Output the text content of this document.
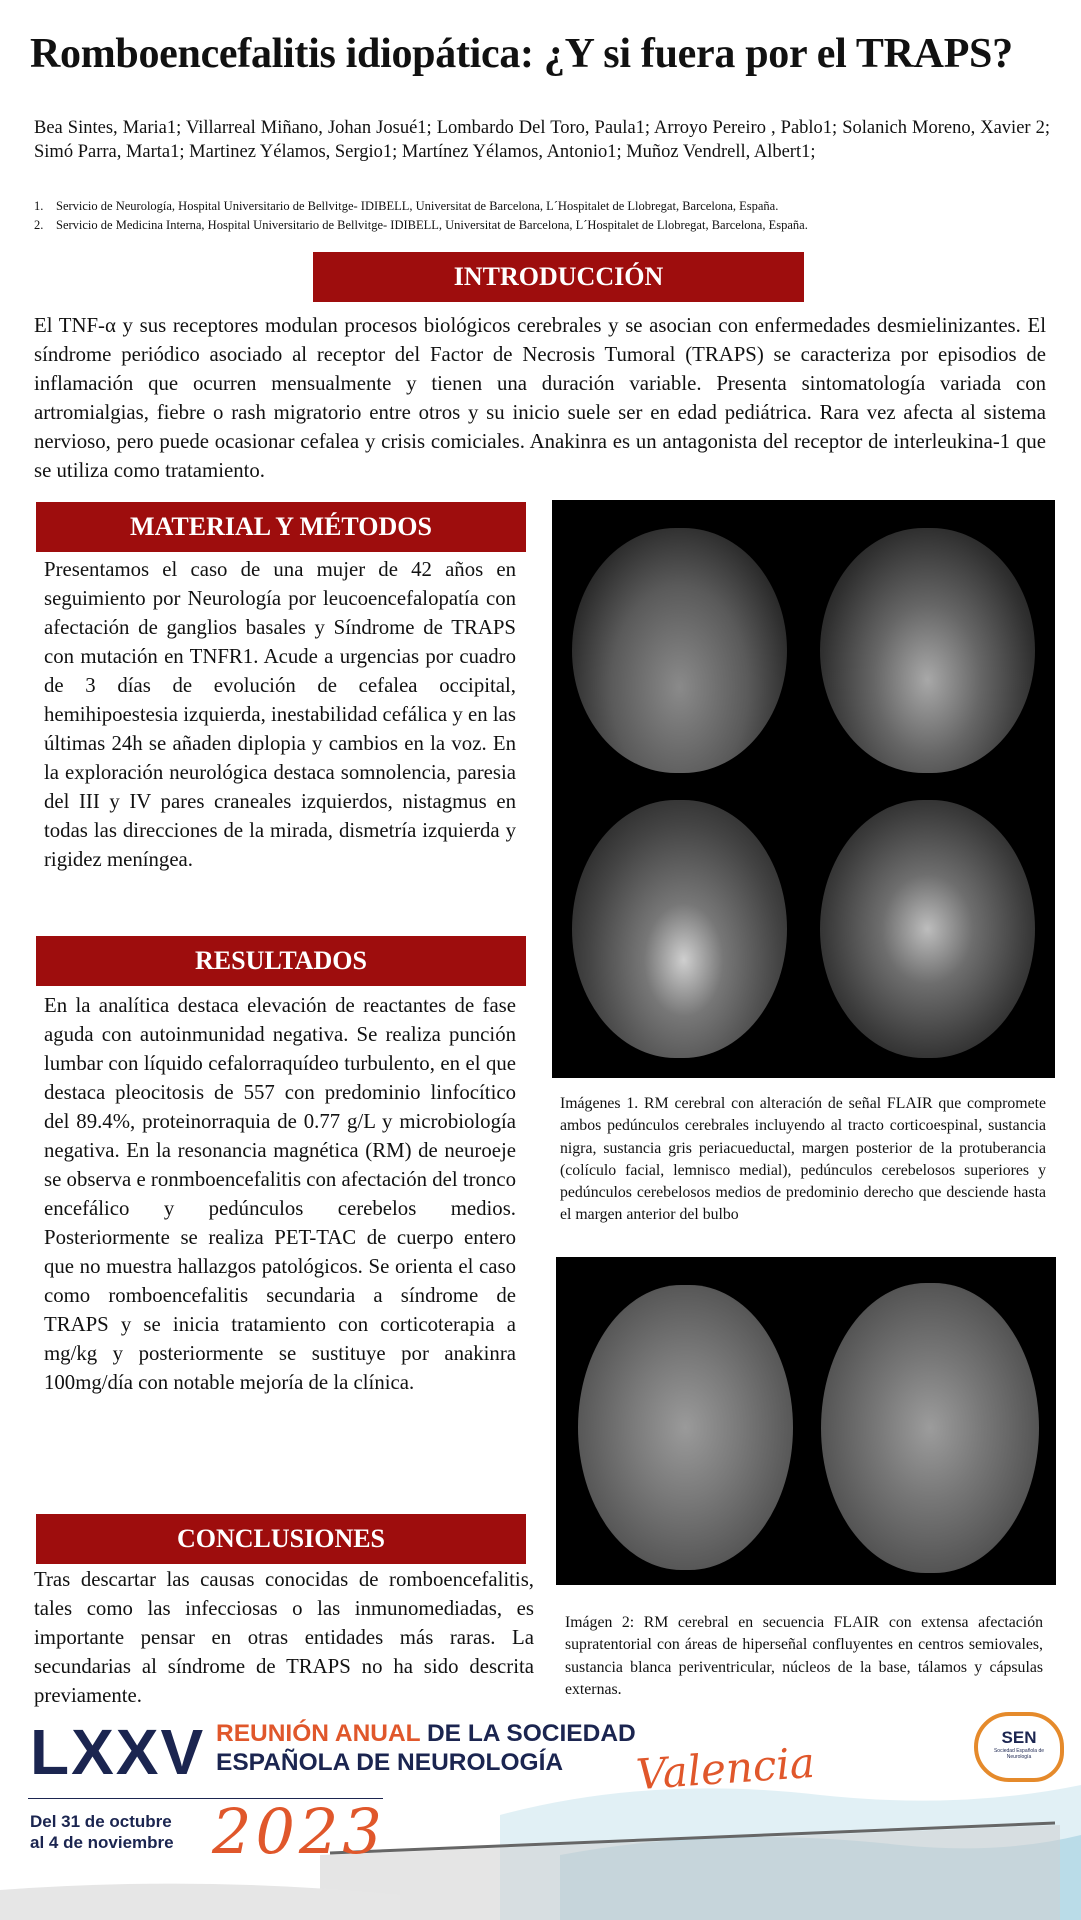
Romboencefalitis idiopática: ¿Y si fuera por el TRAPS?
Bea Sintes, Maria1; Villarreal Miñano, Johan Josué1; Lombardo Del Toro, Paula1; Arroyo Pereiro , Pablo1; Solanich Moreno, Xavier 2; Simó Parra, Marta1; Martinez Yélamos, Sergio1; Martínez Yélamos, Antonio1; Muñoz Vendrell, Albert1;
1. Servicio de Neurología, Hospital Universitario de Bellvitge- IDIBELL, Universitat de Barcelona, L´Hospitalet de Llobregat, Barcelona, España.
2. Servicio de Medicina Interna, Hospital Universitario de Bellvitge- IDIBELL, Universitat de Barcelona, L´Hospitalet de Llobregat, Barcelona, España.
INTRODUCCIÓN
El TNF-α y sus receptores modulan procesos biológicos cerebrales y se asocian con enfermedades desmielinizantes. El síndrome periódico asociado al receptor del Factor de Necrosis Tumoral (TRAPS) se caracteriza por episodios de inflamación que ocurren mensualmente y tienen una duración variable. Presenta sintomatología variada con artromialgias, fiebre o rash migratorio entre otros y su inicio suele ser en edad pediátrica. Rara vez afecta al sistema nervioso, pero puede ocasionar cefalea y crisis comiciales. Anakinra es un antagonista del receptor de interleukina-1 que se utiliza como tratamiento.
MATERIAL Y MÉTODOS
Presentamos el caso de una mujer de 42 años en seguimiento por Neurología por leucoencefalopatía con afectación de ganglios basales y Síndrome de TRAPS con mutación en TNFR1. Acude a urgencias por cuadro de 3 días de evolución de cefalea occipital, hemihipoestesia izquierda, inestabilidad cefálica y en las últimas 24h se añaden diplopia y cambios en la voz. En la exploración neurológica destaca somnolencia, paresia del III y IV pares craneales izquierdos, nistagmus en todas las direcciones de la mirada, dismetría izquierda y rigidez meníngea.
RESULTADOS
En la analítica destaca elevación de reactantes de fase aguda con autoinmunidad negativa. Se realiza punción lumbar con líquido cefalorraquídeo turbulento, en el que destaca pleocitosis de 557 con predominio linfocítico del 89.4%, proteinorraquia de 0.77 g/L y microbiología negativa. En la resonancia magnética (RM) de neuroeje se observa e ronmboencefalitis con afectación del tronco encefálico y pedúnculos cerebelos medios. Posteriormente se realiza PET-TAC de cuerpo entero que no muestra hallazgos patológicos. Se orienta el caso como romboencefalitis secundaria a síndrome de TRAPS y se inicia tratamiento con corticoterapia a mg/kg y posteriormente se sustituye por anakinra 100mg/día con notable mejoría de la clínica.
CONCLUSIONES
Tras descartar las causas conocidas de romboencefalitis, tales como las infecciosas o las inmunomediadas, es importante pensar en otras entidades más raras. La secundarias al síndrome de TRAPS no ha sido descrita previamente.
Imágenes 1. RM cerebral con alteración de señal FLAIR que compromete ambos pedúnculos cerebrales incluyendo al tracto corticoespinal, sustancia nigra, sustancia gris periacueductal, margen posterior de la protuberancia (colículo facial, lemnisco medial), pedúnculos cerebelosos superiores y pedúnculos cerebelosos medios de predominio derecho que desciende hasta el margen anterior del bulbo
Imágen 2: RM cerebral en secuencia FLAIR con extensa afectación supratentorial con áreas de hiperseñal confluyentes en centros semiovales, sustancia blanca periventricular, núcleos de la base, tálamos y cápsulas externas.
LXXV REUNIÓN ANUAL DE LA SOCIEDAD
ESPAÑOLA DE NEUROLOGÍA Valencia
Del 31 de octubre
al 4 de noviembre 2023
SEN
Sociedad Española de Neurología
